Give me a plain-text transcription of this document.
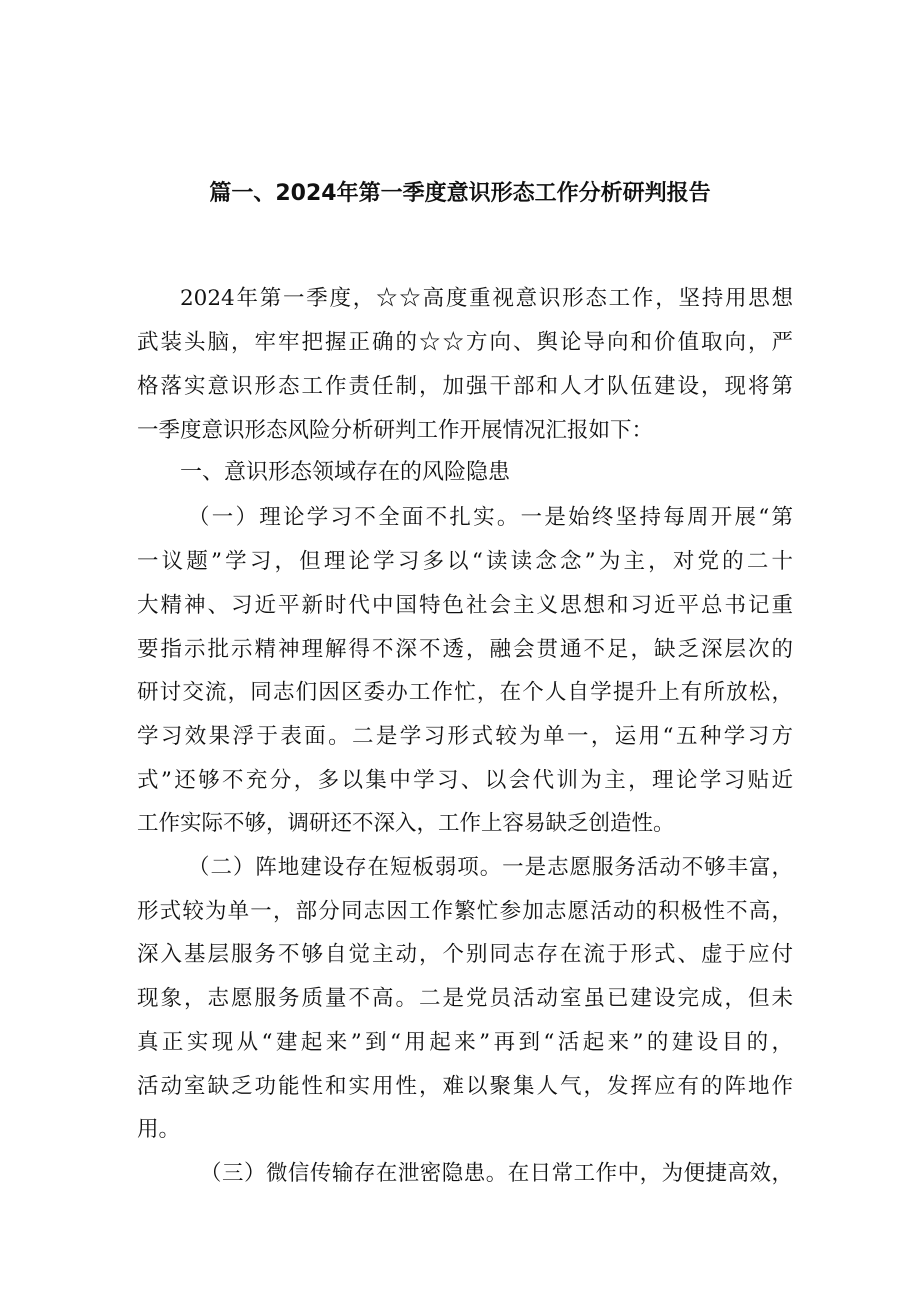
篇一、2024年第一季度意识形态工作分析研判报告
2024年第一季度，☆☆高度重视意识形态工作，坚持用思想
武装头脑，牢牢把握正确的☆☆方向、舆论导向和价值取向，严
格落实意识形态工作责任制，加强干部和人才队伍建设，现将第
一季度意识形态风险分析研判工作开展情况汇报如下：
一、意识形态领域存在的风险隐患
（一）理论学习不全面不扎实。一是始终坚持每周开展“第
一议题”学习，但理论学习多以“读读念念”为主，对党的二十
大精神、习近平新时代中国特色社会主义思想和习近平总书记重
要指示批示精神理解得不深不透，融会贯通不足，缺乏深层次的
研讨交流，同志们因区委办工作忙，在个人自学提升上有所放松，
学习效果浮于表面。二是学习形式较为单一，运用“五种学习方
式”还够不充分，多以集中学习、以会代训为主，理论学习贴近
工作实际不够，调研还不深入，工作上容易缺乏创造性。
（二）阵地建设存在短板弱项。一是志愿服务活动不够丰富，
形式较为单一，部分同志因工作繁忙参加志愿活动的积极性不高，
深入基层服务不够自觉主动，个别同志存在流于形式、虚于应付
现象，志愿服务质量不高。二是党员活动室虽已建设完成，但未
真正实现从“建起来”到“用起来”再到“活起来”的建设目的，
活动室缺乏功能性和实用性，难以聚集人气，发挥应有的阵地作
用。
（三）微信传输存在泄密隐患。在日常工作中，为便捷高效，
